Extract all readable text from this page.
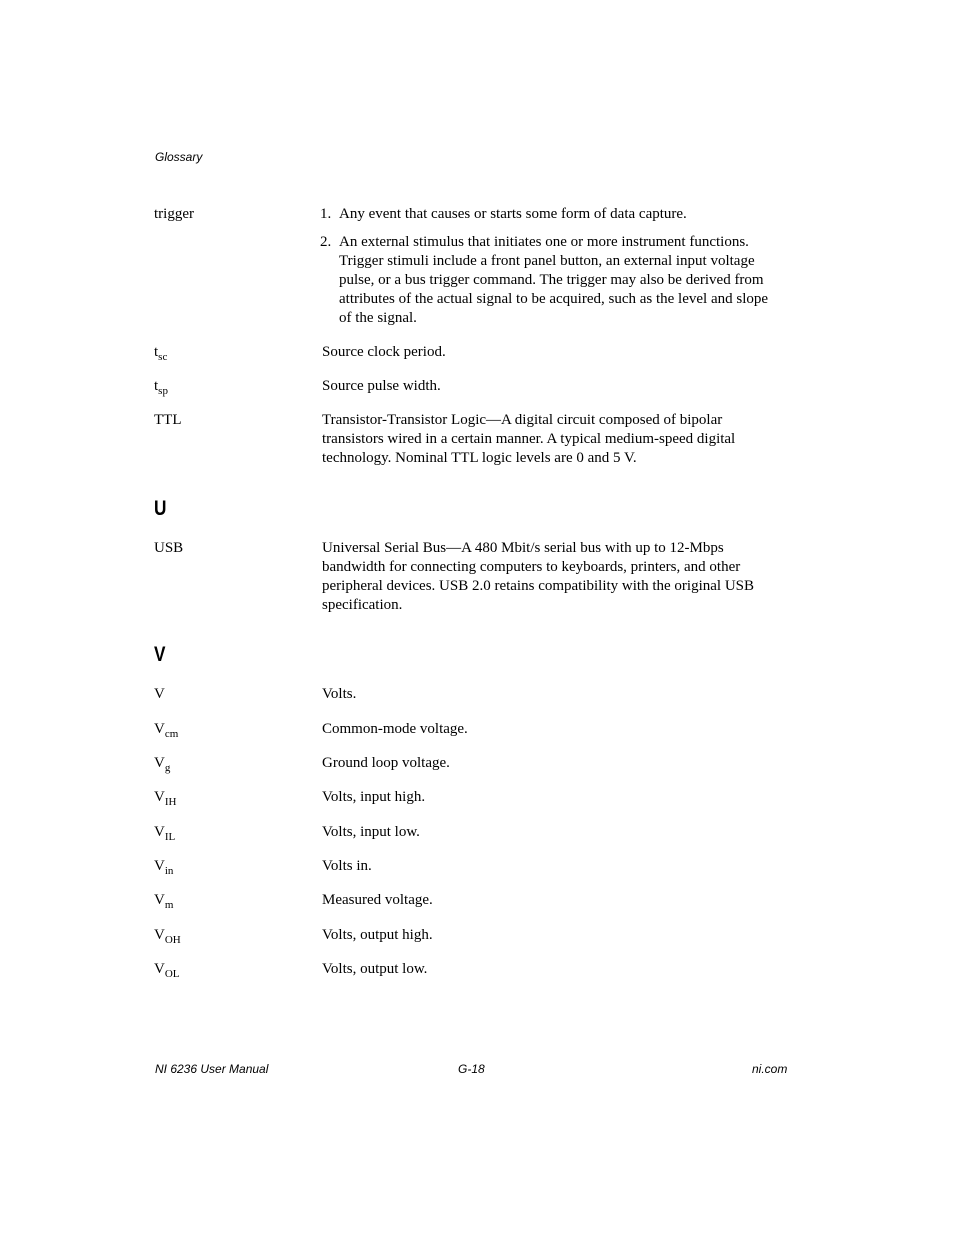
Glossary
trigger	1. Any event that causes or starts some form of data capture.
2. An external stimulus that initiates one or more instrument functions. Trigger stimuli include a front panel button, an external input voltage pulse, or a bus trigger command. The trigger may also be derived from attributes of the actual signal to be acquired, such as the level and slope of the signal.
$t_{sc}$	Source clock period.
$t_{sp}$	Source pulse width.
TTL	Transistor-Transistor Logic—A digital circuit composed of bipolar transistors wired in a certain manner. A typical medium-speed digital technology. Nominal TTL logic levels are 0 and 5 V.
U
USB	Universal Serial Bus—A 480 Mbit/s serial bus with up to 12-Mbps bandwidth for connecting computers to keyboards, printers, and other peripheral devices. USB 2.0 retains compatibility with the original USB specification.
V
V	Volts.
$V_{cm}$	Common-mode voltage.
$V_g$	Ground loop voltage.
$V_{IH}$	Volts, input high.
$V_{IL}$	Volts, input low.
$V_{in}$	Volts in.
$V_m$	Measured voltage.
$V_{OH}$	Volts, output high.
$V_{OL}$	Volts, output low.
NI 6236 User Manual	G-18	ni.com
